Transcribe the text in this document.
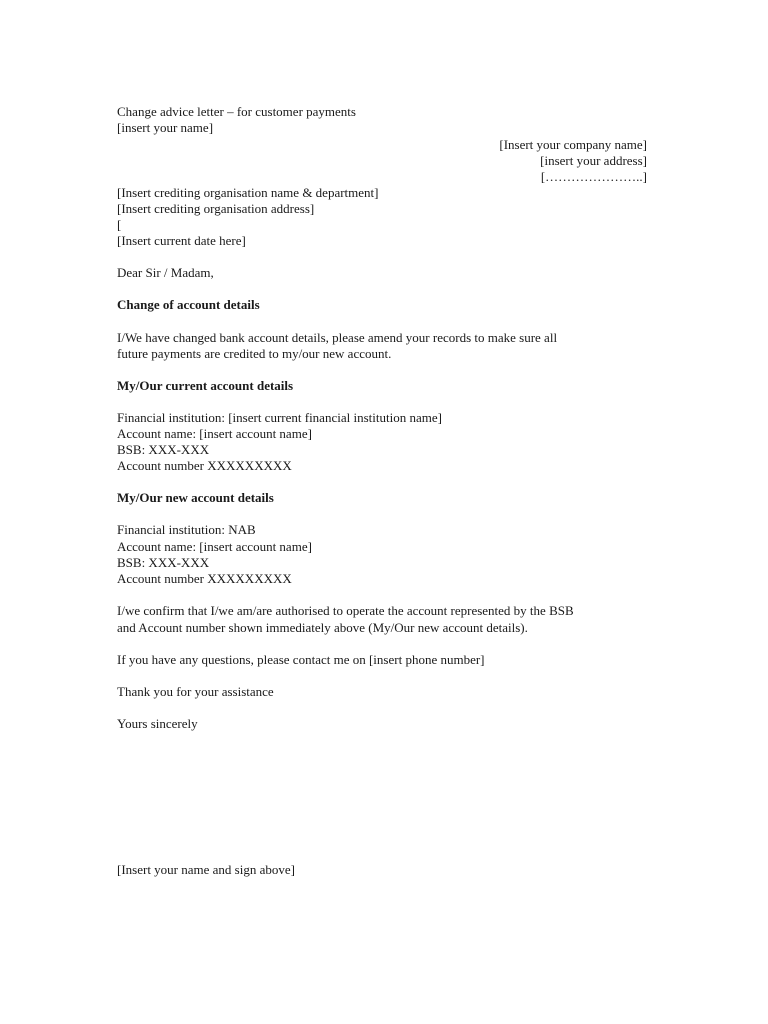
Change advice letter – for customer payments
[insert your name]
[Insert your company name]
[insert your address]
[…………………..]
[Insert crediting organisation name & department]
[Insert crediting organisation address]
[
[Insert current date here]
Dear Sir / Madam,
Change of account details
I/We have changed bank account details, please amend your records to make sure all
future payments are credited to my/our new account.
My/Our current account details
Financial institution: [insert current financial institution name]
Account name: [insert account name]
BSB: XXX-XXX
Account number XXXXXXXXX
My/Our new account details
Financial institution: NAB
Account name: [insert account name]
BSB: XXX-XXX
Account number XXXXXXXXX
I/we confirm that I/we am/are authorised to operate the account represented by the BSB
and Account number shown immediately above (My/Our new account details).
If you have any questions, please contact me on [insert phone number]
Thank you for your assistance
Yours sincerely
[Insert your name and sign above]
